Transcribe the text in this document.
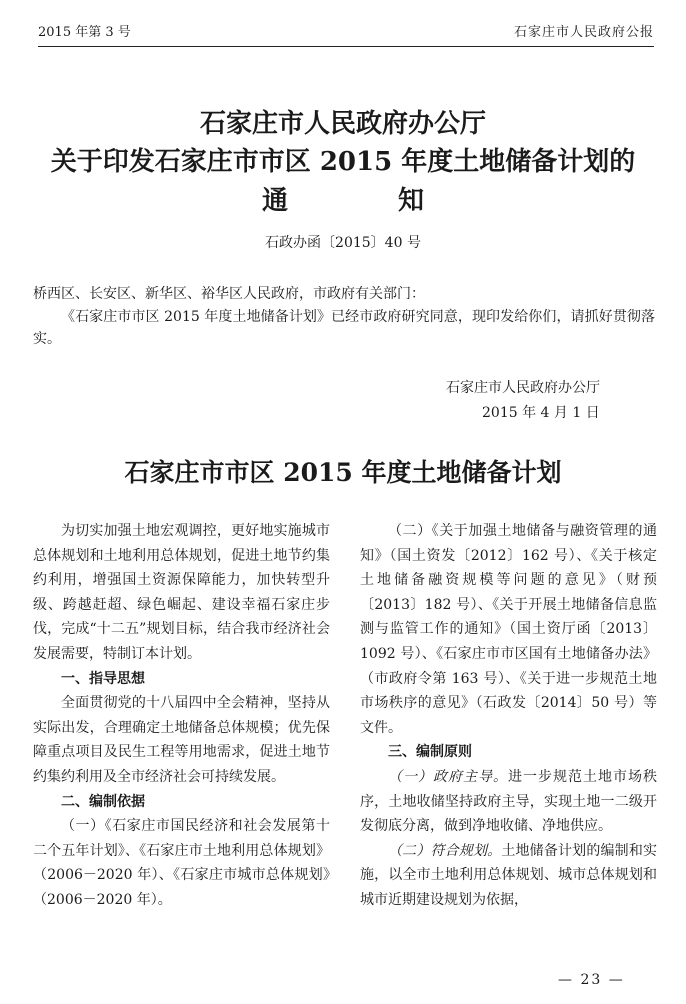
2015 年第 3 号	石家庄市人民政府公报
石家庄市人民政府办公厅
关于印发石家庄市市区 2015 年度土地储备计划的
通	知
石政办函〔2015〕40 号
桥西区、长安区、新华区、裕华区人民政府，市政府有关部门：
《石家庄市市区 2015 年度土地储备计划》已经市政府研究同意，现印发给你们，请抓好贯彻落实。
石家庄市人民政府办公厅
2015 年 4 月 1 日
石家庄市市区 2015 年度土地储备计划

为切实加强土地宏观调控，更好地实施城市总体规划和土地利用总体规划，促进土地节约集约利用，增强国土资源保障能力，加快转型升级、跨越赶超、绿色崛起、建设幸福石家庄步伐，完成“十二五”规划目标，结合我市经济社会发展需要，特制订本计划。

一、指导思想

全面贯彻党的十八届四中全会精神，坚持从实际出发，合理确定土地储备总体规模；优先保障重点项目及民生工程等用地需求，促进土地节约集约利用及全市经济社会可持续发展。

二、编制依据

（一）《石家庄市国民经济和社会发展第十二个五年计划》、《石家庄市土地利用总体规划》（2006－2020 年）、《石家庄市城市总体规划》（2006－2020 年）。

（二）《关于加强土地储备与融资管理的通知》（国土资发〔2012〕162 号）、《关于核定土地储备融资规模等问题的意见》（财预〔2013〕182 号）、《关于开展土地储备信息监测与监管工作的通知》（国土资厅函〔2013〕1092 号）、《石家庄市市区国有土地储备办法》（市政府令第 163 号）、《关于进一步规范土地市场秩序的意见》（石政发〔2014〕50 号）等文件。

三、编制原则

（一）政府主导。进一步规范土地市场秩序，土地收储坚持政府主导，实现土地一二级开发彻底分离，做到净地收储、净地供应。

（二）符合规划。土地储备计划的编制和实施，以全市土地利用总体规划、城市总体规划和城市近期建设规划为依据，

— 23 —
